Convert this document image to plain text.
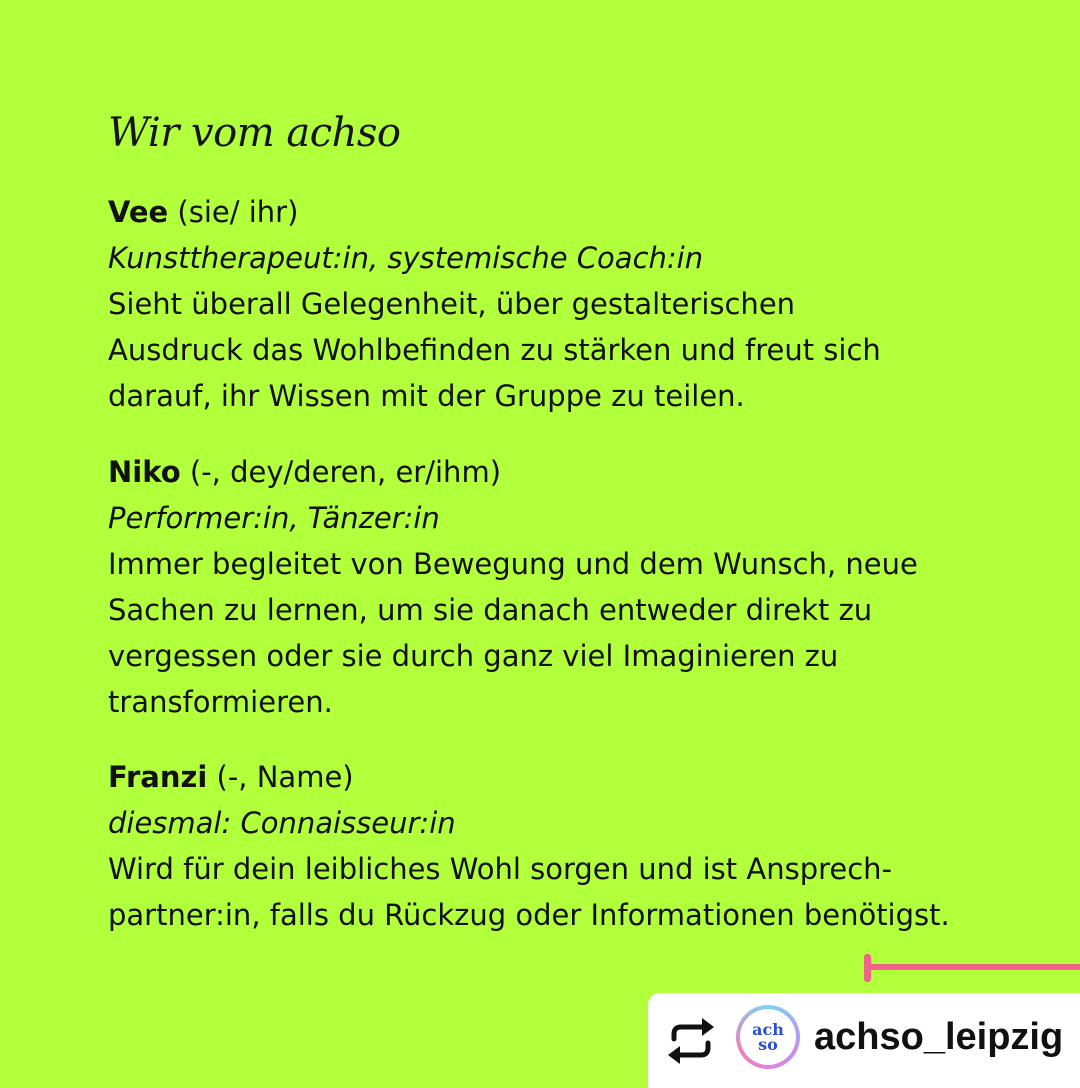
Wir vom achso
Vee (sie/ ihr)
Kunsttherapeut:in, systemische Coach:in
Sieht überall Gelegenheit, über gestalterischen
Ausdruck das Wohlbefinden zu stärken und freut sich
darauf, ihr Wissen mit der Gruppe zu teilen.
Niko (-, dey/deren, er/ihm)
Performer:in, Tänzer:in
Immer begleitet von Bewegung und dem Wunsch, neue
Sachen zu lernen, um sie danach entweder direkt zu
vergessen oder sie durch ganz viel Imaginieren zu
transformieren.
Franzi (-, Name)
diesmal: Connaisseur:in
Wird für dein leibliches Wohl sorgen und ist Ansprech-
partner:in, falls du Rückzug oder Informationen benötigst.
ach
so achso_leipzig
